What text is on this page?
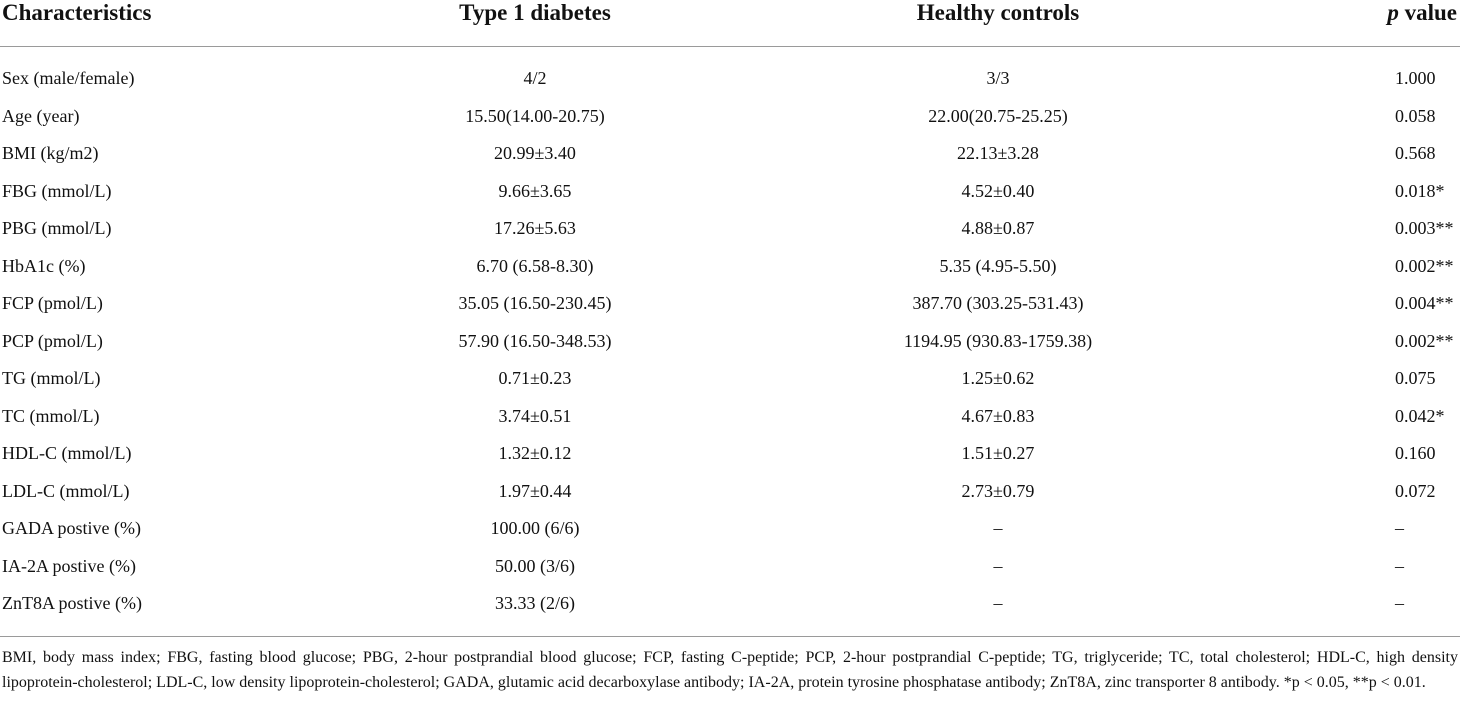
Characteristics	Type 1 diabetes	Healthy controls	p value
Sex (male/female)	4/2	3/3	1.000
Age (year)	15.50(14.00-20.75)	22.00(20.75-25.25)	0.058
BMI (kg/m2)	20.99±3.40	22.13±3.28	0.568
FBG (mmol/L)	9.66±3.65	4.52±0.40	0.018*
PBG (mmol/L)	17.26±5.63	4.88±0.87	0.003**
HbA1c (%)	6.70 (6.58-8.30)	5.35 (4.95-5.50)	0.002**
FCP (pmol/L)	35.05 (16.50-230.45)	387.70 (303.25-531.43)	0.004**
PCP (pmol/L)	57.90 (16.50-348.53)	1194.95 (930.83-1759.38)	0.002**
TG (mmol/L)	0.71±0.23	1.25±0.62	0.075
TC (mmol/L)	3.74±0.51	4.67±0.83	0.042*
HDL-C (mmol/L)	1.32±0.12	1.51±0.27	0.160
LDL-C (mmol/L)	1.97±0.44	2.73±0.79	0.072
GADA postive (%)	100.00 (6/6)	–	–
IA-2A postive (%)	50.00 (3/6)	–	–
ZnT8A postive (%)	33.33 (2/6)	–	–
BMI, body mass index; FBG, fasting blood glucose; PBG, 2-hour postprandial blood glucose; FCP, fasting C-peptide; PCP, 2-hour postprandial C-peptide; TG, triglyceride; TC, total cholesterol; HDL-C, high density lipoprotein-cholesterol; LDL-C, low density lipoprotein-cholesterol; GADA, glutamic acid decarboxylase antibody; IA-2A, protein tyrosine phosphatase antibody; ZnT8A, zinc transporter 8 antibody. *p < 0.05, **p < 0.01.
